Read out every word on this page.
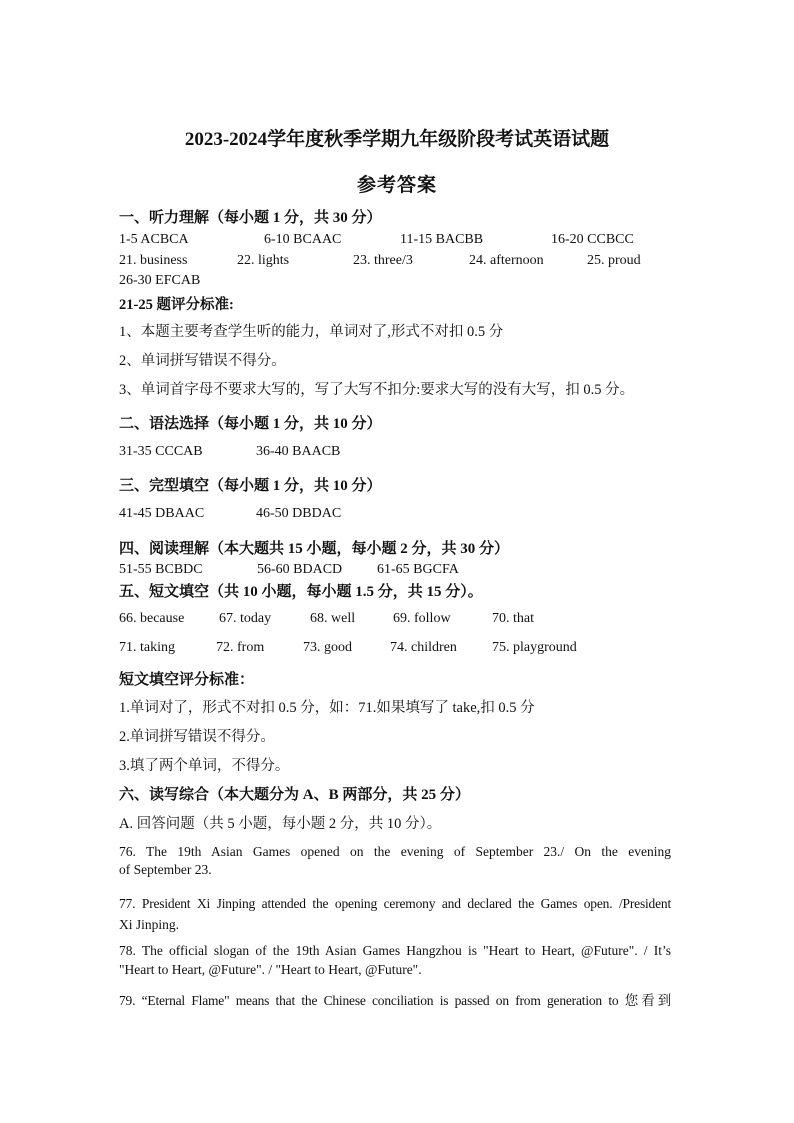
2023-2024学年度秋季学期九年级阶段考试英语试题
参考答案
一、听力理解（每小题 1 分，共 30 分）
1-5 ACBCA	6-10 BCAAC	11-15 BACBB	16-20 CCBCC
21. business	22. lights	23. three/3	24. afternoon	25. proud
26-30 EFCAB
21-25 题评分标准:
1、本题主要考查学生听的能力，单词对了,形式不对扣 0.5 分
2、单词拼写错误不得分。
3、单词首字母不要求大写的，写了大写不扣分:要求大写的没有大写，扣 0.5 分。
二、语法选择（每小题 1 分，共 10 分）
31-35 CCCAB	36-40 BAACB
三、完型填空（每小题 1 分，共 10 分）
41-45 DBAAC	46-50 DBDAC
四、阅读理解（本大题共 15 小题，每小题 2 分，共 30 分）
51-55 BCBDC	56-60 BDACD 61-65 BGCFA
五、短文填空（共 10 小题，每小题 1.5 分，共 15 分）。
66. because 67. today	68. well	69. follow	70. that
71. taking	72. from	73. good	74. children	75. playground
短文填空评分标准：
1.单词对了，形式不对扣 0.5 分，如：71.如果填写了 take,扣 0.5 分
2.单词拼写错误不得分。
3.填了两个单词，不得分。
六、读写综合（本大题分为 A、B 两部分，共 25 分）
A. 回答问题（共 5 小题，每小题 2 分，共 10 分）。
76. The 19th Asian Games opened on the evening of September 23./ On the evening
of September 23.
77. President Xi Jinping attended the opening ceremony and declared the Games open. /President
Xi Jinping.
78. The official slogan of the 19th Asian Games Hangzhou is "Heart to Heart, @Future". / It’s
"Heart to Heart, @Future". / "Heart to Heart, @Future".
79. “Eternal Flame" means that the Chinese conciliation is passed on from generation to 您看到
